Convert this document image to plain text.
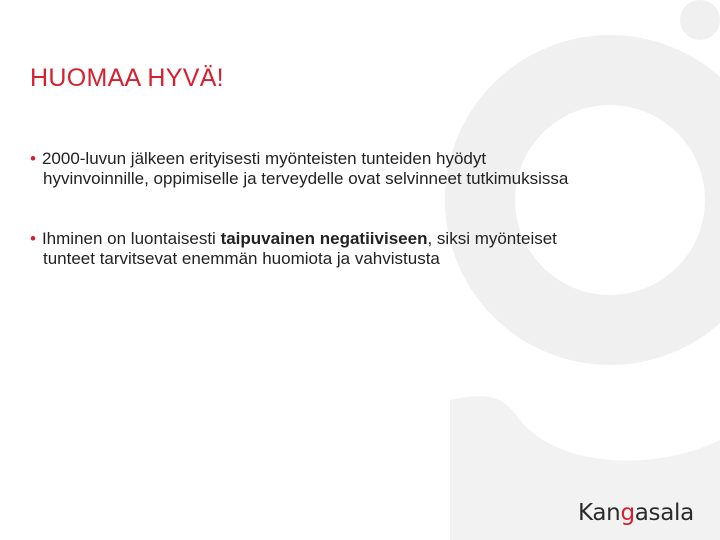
HUOMAA HYVÄ!

• 2000-luvun jälkeen erityisesti myönteisten tunteiden hyödyt
hyvinvoinnille, oppimiselle ja terveydelle ovat selvinneet tutkimuksissa

• Ihminen on luontaisesti taipuvainen negatiiviseen, siksi myönteiset
tunteet tarvitsevat enemmän huomiota ja vahvistusta

Kangasala
